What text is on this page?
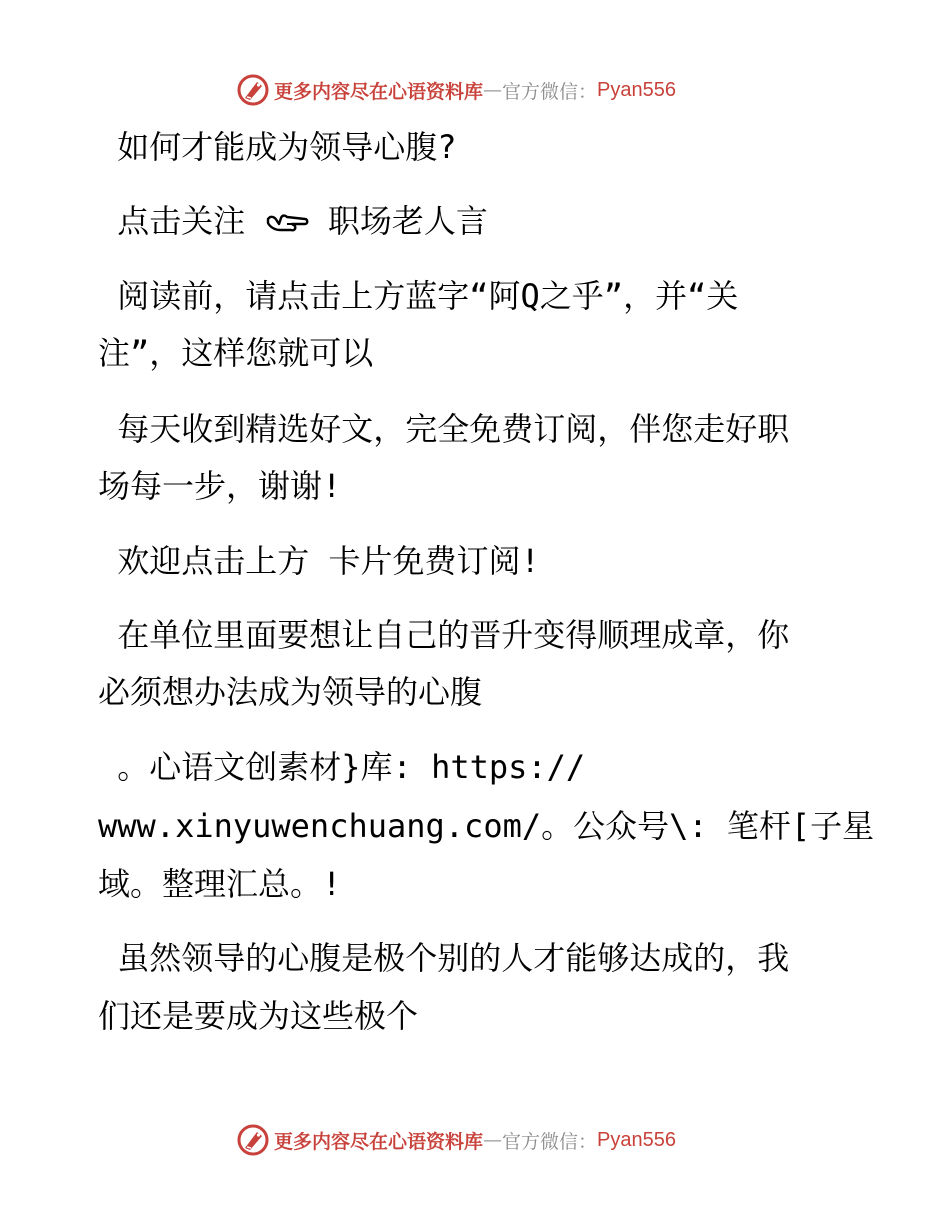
更多内容尽在心语资料库 — 官方微信： Pyan556

如何才能成为领导心腹?

点击关注  职场老人言

阅读前，请点击上方蓝字“阿Q之乎”，并“关

注”，这样您就可以

每天收到精选好文，完全免费订阅，伴您走好职

场每一步，谢谢!

欢迎点击上方 卡片免费订阅!

在单位里面要想让自己的晋升变得顺理成章，你

必须想办法成为领导的心腹

。心语文创素材}库: https://

www.xinyuwenchuang.com/。公众号\: 笔杆[子星

域。整理汇总。!

虽然领导的心腹是极个别的人才能够达成的，我

们还是要成为这些极个

更多内容尽在心语资料库 — 官方微信： Pyan556
